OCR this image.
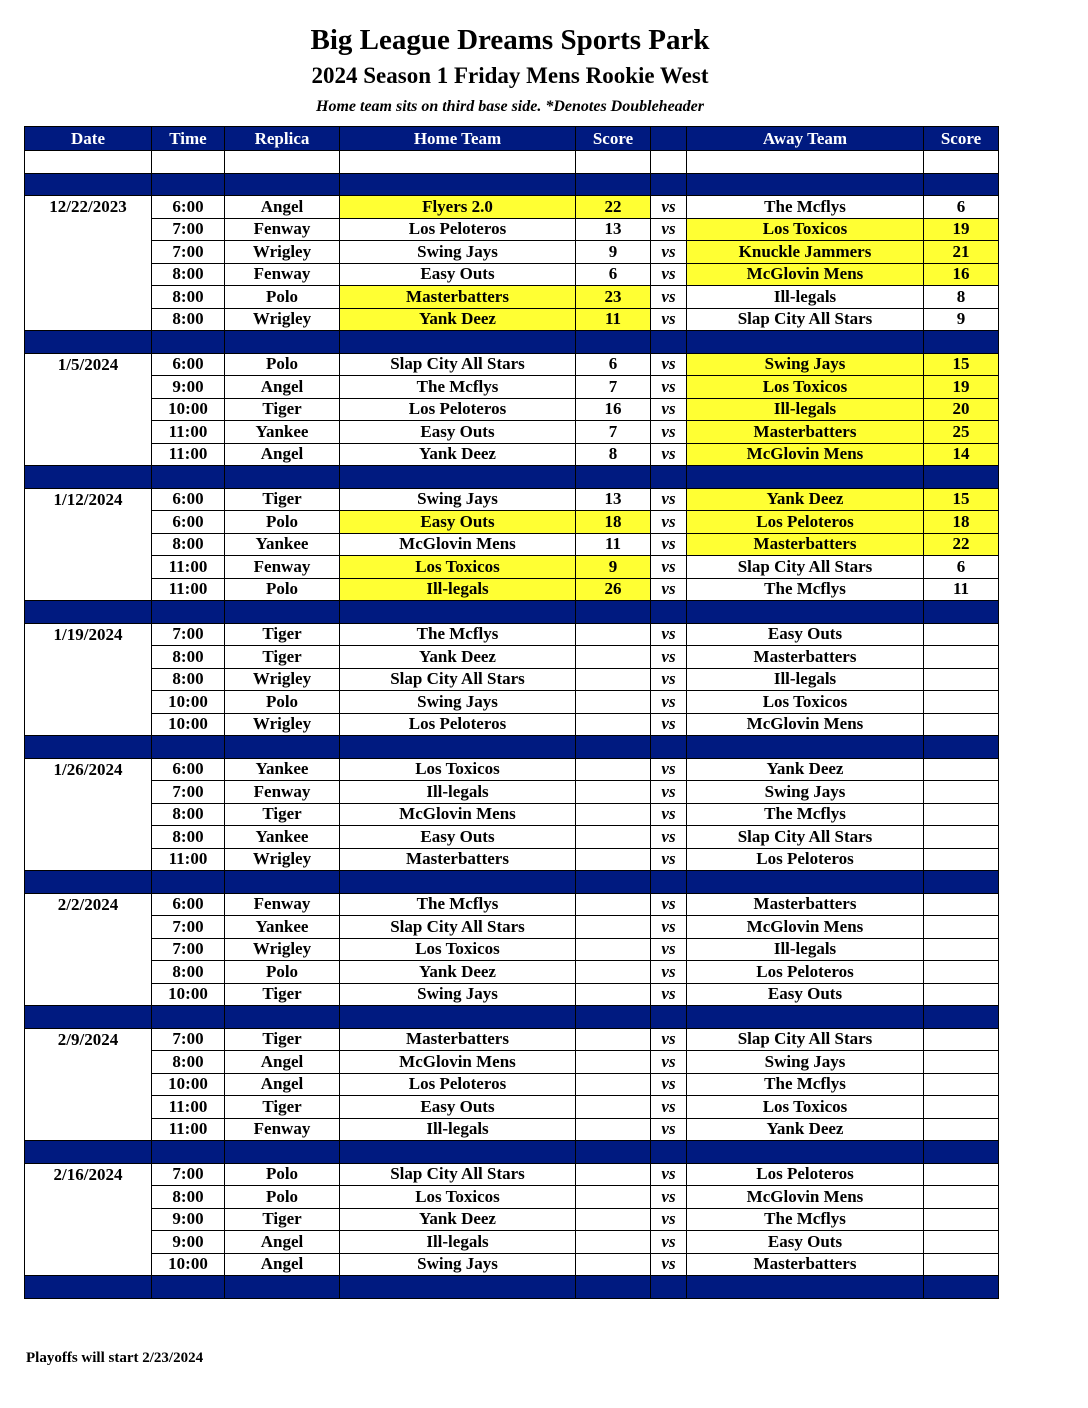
Big League Dreams Sports Park
2024 Season 1 Friday Mens Rookie West
Home team sits on third base side. *Denotes Doubleheader
Date	Time	Replica	Home Team	Score		Away Team	Score

12/22/2023	6:00	Angel	Flyers 2.0	22	vs	The Mcflys	6
	7:00	Fenway	Los Peloteros	13	vs	Los Toxicos	19
	7:00	Wrigley	Swing Jays	9	vs	Knuckle Jammers	21
	8:00	Fenway	Easy Outs	6	vs	McGlovin Mens	16
	8:00	Polo	Masterbatters	23	vs	Ill-legals	8
	8:00	Wrigley	Yank Deez	11	vs	Slap City All Stars	9

1/5/2024	6:00	Polo	Slap City All Stars	6	vs	Swing Jays	15
	9:00	Angel	The Mcflys	7	vs	Los Toxicos	19
	10:00	Tiger	Los Peloteros	16	vs	Ill-legals	20
	11:00	Yankee	Easy Outs	7	vs	Masterbatters	25
	11:00	Angel	Yank Deez	8	vs	McGlovin Mens	14

1/12/2024	6:00	Tiger	Swing Jays	13	vs	Yank Deez	15
	6:00	Polo	Easy Outs	18	vs	Los Peloteros	18
	8:00	Yankee	McGlovin Mens	11	vs	Masterbatters	22
	11:00	Fenway	Los Toxicos	9	vs	Slap City All Stars	6
	11:00	Polo	Ill-legals	26	vs	The Mcflys	11

1/19/2024	7:00	Tiger	The Mcflys		vs	Easy Outs	
	8:00	Tiger	Yank Deez		vs	Masterbatters	
	8:00	Wrigley	Slap City All Stars		vs	Ill-legals	
	10:00	Polo	Swing Jays		vs	Los Toxicos	
	10:00	Wrigley	Los Peloteros		vs	McGlovin Mens	

1/26/2024	6:00	Yankee	Los Toxicos		vs	Yank Deez	
	7:00	Fenway	Ill-legals		vs	Swing Jays	
	8:00	Tiger	McGlovin Mens		vs	The Mcflys	
	8:00	Yankee	Easy Outs		vs	Slap City All Stars	
	11:00	Wrigley	Masterbatters		vs	Los Peloteros	

2/2/2024	6:00	Fenway	The Mcflys		vs	Masterbatters	
	7:00	Yankee	Slap City All Stars		vs	McGlovin Mens	
	7:00	Wrigley	Los Toxicos		vs	Ill-legals	
	8:00	Polo	Yank Deez		vs	Los Peloteros	
	10:00	Tiger	Swing Jays		vs	Easy Outs	

2/9/2024	7:00	Tiger	Masterbatters		vs	Slap City All Stars	
	8:00	Angel	McGlovin Mens		vs	Swing Jays	
	10:00	Angel	Los Peloteros		vs	The Mcflys	
	11:00	Tiger	Easy Outs		vs	Los Toxicos	
	11:00	Fenway	Ill-legals		vs	Yank Deez	

2/16/2024	7:00	Polo	Slap City All Stars		vs	Los Peloteros	
	8:00	Polo	Los Toxicos		vs	McGlovin Mens	
	9:00	Tiger	Yank Deez		vs	The Mcflys	
	9:00	Angel	Ill-legals		vs	Easy Outs	
	10:00	Angel	Swing Jays		vs	Masterbatters	

Playoffs will start 2/23/2024
